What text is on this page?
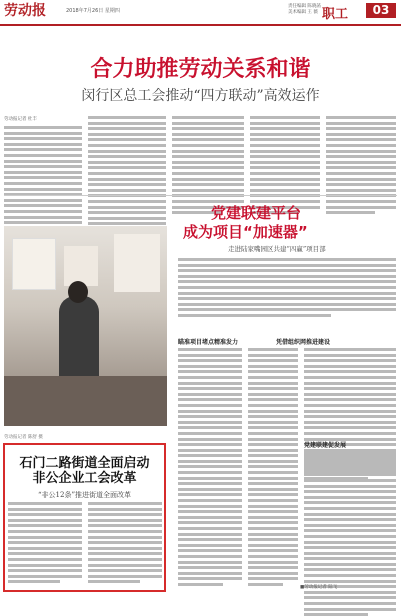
劳动报	2018年7月26日 星期四
责任编辑 陈晓菡
美术编辑 王 薇 职工	03
合力助推劳动关系和谐
闵行区总工会推动“四方联动”高效运作
劳动报记者 杜丰
劳动报记者 陈舒 摄
石门二路街道全面启动
非公企业工会改革
“非公12条”推进街道全面改革
党建联建平台
成为项目“加速器”
走进陆家嘴园区共建“四赢”项目部
瞄准项目堵点精准发力	凭借组织网推进建设
党建联建促发展
■劳动报记者 陆飞
